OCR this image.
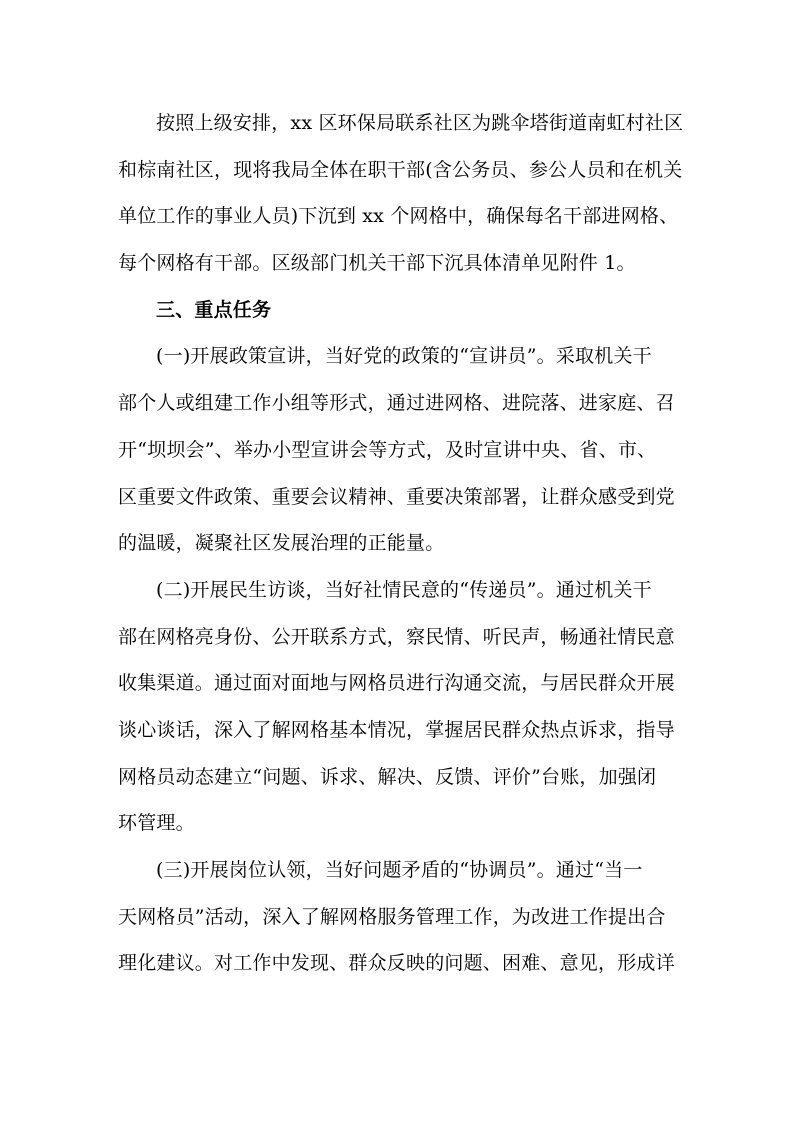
按照上级安排，xx 区环保局联系社区为跳伞塔街道南虹村社区
和棕南社区，现将我局全体在职干部(含公务员、参公人员和在机关
单位工作的事业人员)下沉到 xx 个网格中，确保每名干部进网格、
每个网格有干部。区级部门机关干部下沉具体清单见附件 1。
三、重点任务
(一)开展政策宣讲，当好党的政策的“宣讲员”。采取机关干
部个人或组建工作小组等形式，通过进网格、进院落、进家庭、召
开“坝坝会”、举办小型宣讲会等方式，及时宣讲中央、省、市、
区重要文件政策、重要会议精神、重要决策部署，让群众感受到党
的温暖，凝聚社区发展治理的正能量。
(二)开展民生访谈，当好社情民意的“传递员”。通过机关干
部在网格亮身份、公开联系方式，察民情、听民声，畅通社情民意
收集渠道。通过面对面地与网格员进行沟通交流，与居民群众开展
谈心谈话，深入了解网格基本情况，掌握居民群众热点诉求，指导
网格员动态建立“问题、诉求、解决、反馈、评价”台账，加强闭
环管理。
(三)开展岗位认领，当好问题矛盾的“协调员”。通过“当一
天网格员”活动，深入了解网格服务管理工作，为改进工作提出合
理化建议。对工作中发现、群众反映的问题、困难、意见，形成详
